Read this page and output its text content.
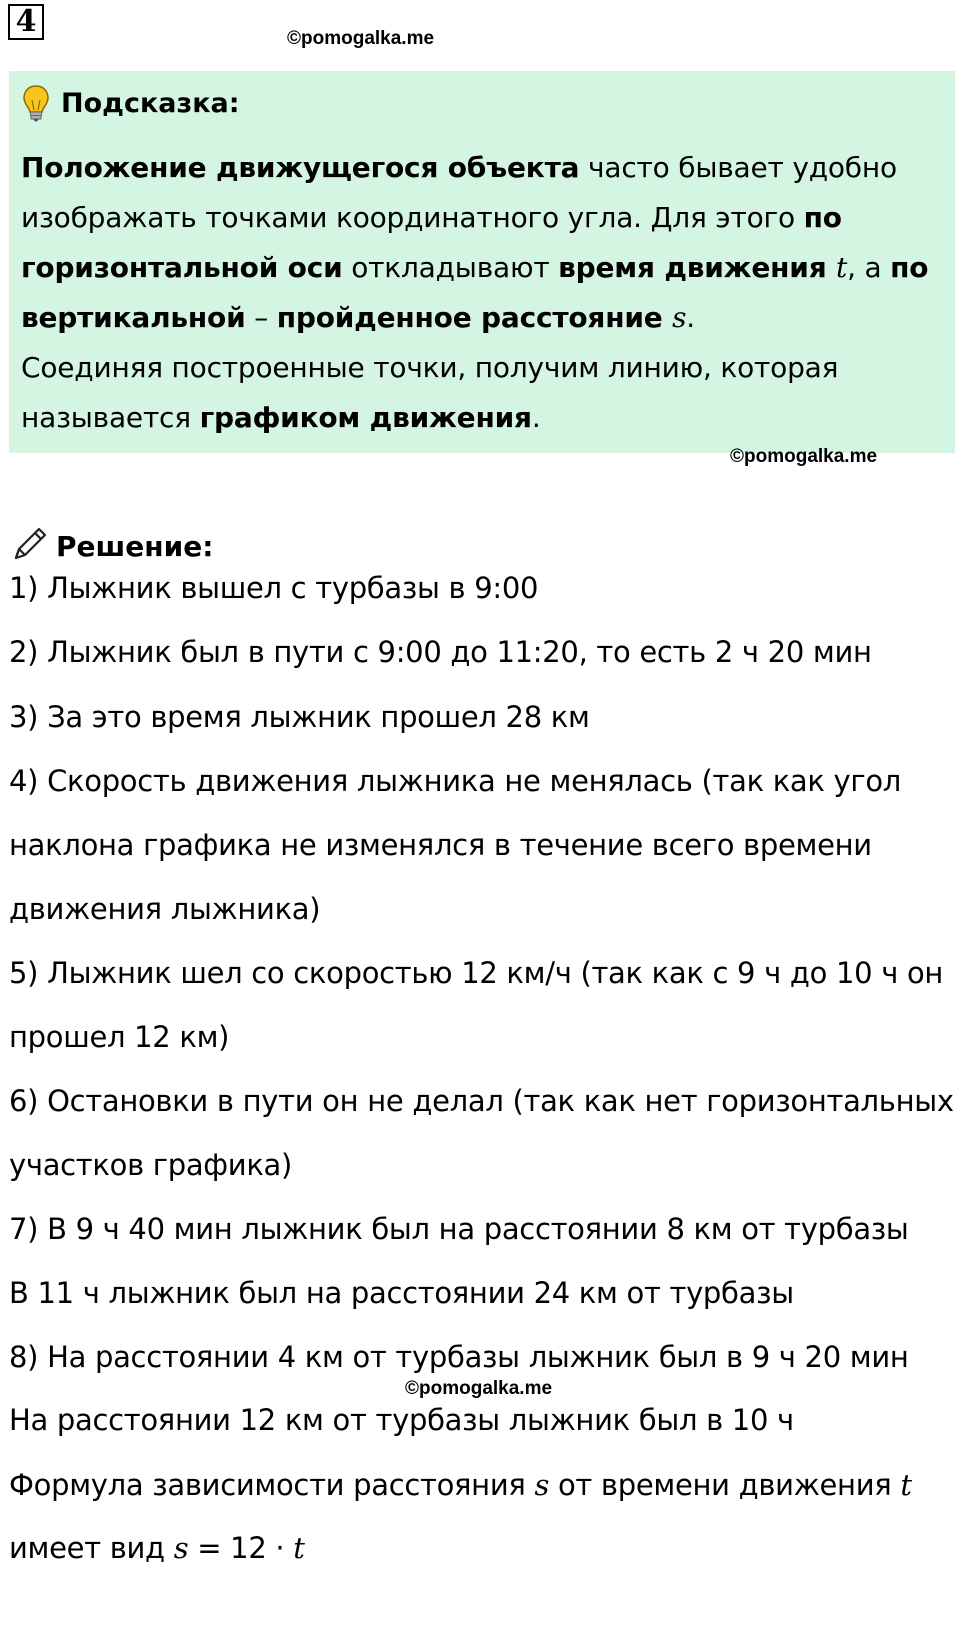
4	©pomogalka.me
Подсказка:
Положение движущегося объекта часто бывает удобно изображать точками координатного угла. Для этого по горизонтальной оси откладывают время движения t, а по вертикальной – пройденное расстояние s.
Соединяя построенные точки, получим линию, которая называется графиком движения.
©pomogalka.me
Решение:
1) Лыжник вышел с турбазы в 9:00
2) Лыжник был в пути с 9:00 до 11:20, то есть 2 ч 20 мин
3) За это время лыжник прошел 28 км
4) Скорость движения лыжника не менялась (так как угол
наклона графика не изменялся в течение всего времени
движения лыжника)
5) Лыжник шел со скоростью 12 км/ч (так как с 9 ч до 10 ч он
прошел 12 км)
6) Остановки в пути он не делал (так как нет горизонтальных
участков графика)
7) В 9 ч 40 мин лыжник был на расстоянии 8 км от турбазы
В 11 ч лыжник был на расстоянии 24 км от турбазы
8) На расстоянии 4 км от турбазы лыжник был в 9 ч 20 мин
©pomogalka.me
На расстоянии 12 км от турбазы лыжник был в 10 ч
Формула зависимости расстояния s от времени движения t
имеет вид s = 12 · t
